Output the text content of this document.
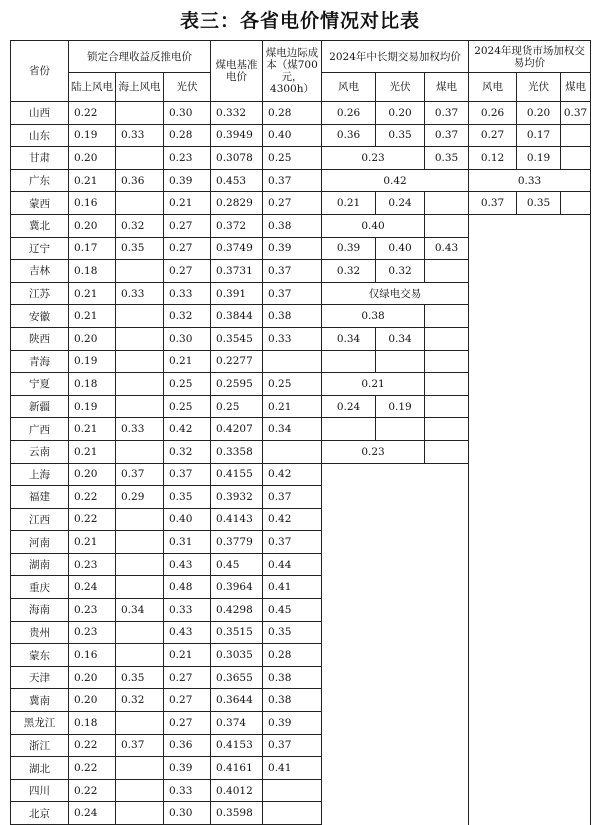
表三：各省电价情况对比表
省份	锁定合理收益反推电价			煤电基准电价	煤电边际成本（煤700元，4300h）	2024年中长期交易加权均价			2024年现货市场加权交易均价		
	陆上风电	海上风电	光伏			风电	光伏	煤电	风电	光伏	煤电
山西	0.22		0.30	0.332	0.28	0.26	0.20	0.37	0.26	0.20	0.37
山东	0.19	0.33	0.28	0.3949	0.40	0.36	0.35	0.37	0.27	0.17	
甘肃	0.20		0.23	0.3078	0.25	0.23		0.35	0.12	0.19	
广东	0.21	0.36	0.39	0.453	0.37	0.42			0.33		
蒙西	0.16		0.21	0.2829	0.27	0.21	0.24		0.37	0.35	
冀北	0.20	0.32	0.27	0.372	0.38	0.40					
辽宁	0.17	0.35	0.27	0.3749	0.39	0.39	0.40	0.43			
吉林	0.18		0.27	0.3731	0.37	0.32	0.32				
江苏	0.21	0.33	0.33	0.391	0.37	仅绿电交易					
安徽	0.21		0.32	0.3844	0.38	0.38					
陕西	0.20		0.30	0.3545	0.33	0.34	0.34				
青海	0.19		0.21	0.2277							
宁夏	0.18		0.25	0.2595	0.25	0.21					
新疆	0.19		0.25	0.25	0.21	0.24	0.19				
广西	0.21	0.33	0.42	0.4207	0.34						
云南	0.21		0.32	0.3358		0.23					
上海	0.20	0.37	0.37	0.4155	0.42						
福建	0.22	0.29	0.35	0.3932	0.37						
江西	0.22		0.40	0.4143	0.42						
河南	0.21		0.31	0.3779	0.37						
湖南	0.23		0.43	0.45	0.44						
重庆	0.24		0.48	0.3964	0.41						
海南	0.23	0.34	0.33	0.4298	0.45						
贵州	0.23		0.43	0.3515	0.35						
蒙东	0.16		0.21	0.3035	0.28						
天津	0.20	0.35	0.27	0.3655	0.38						
冀南	0.20	0.32	0.27	0.3644	0.38						
黑龙江	0.18		0.27	0.374	0.39						
浙江	0.22	0.37	0.36	0.4153	0.37						
湖北	0.22		0.39	0.4161	0.41						
四川	0.22		0.33	0.4012							
北京	0.24		0.30	0.3598							
